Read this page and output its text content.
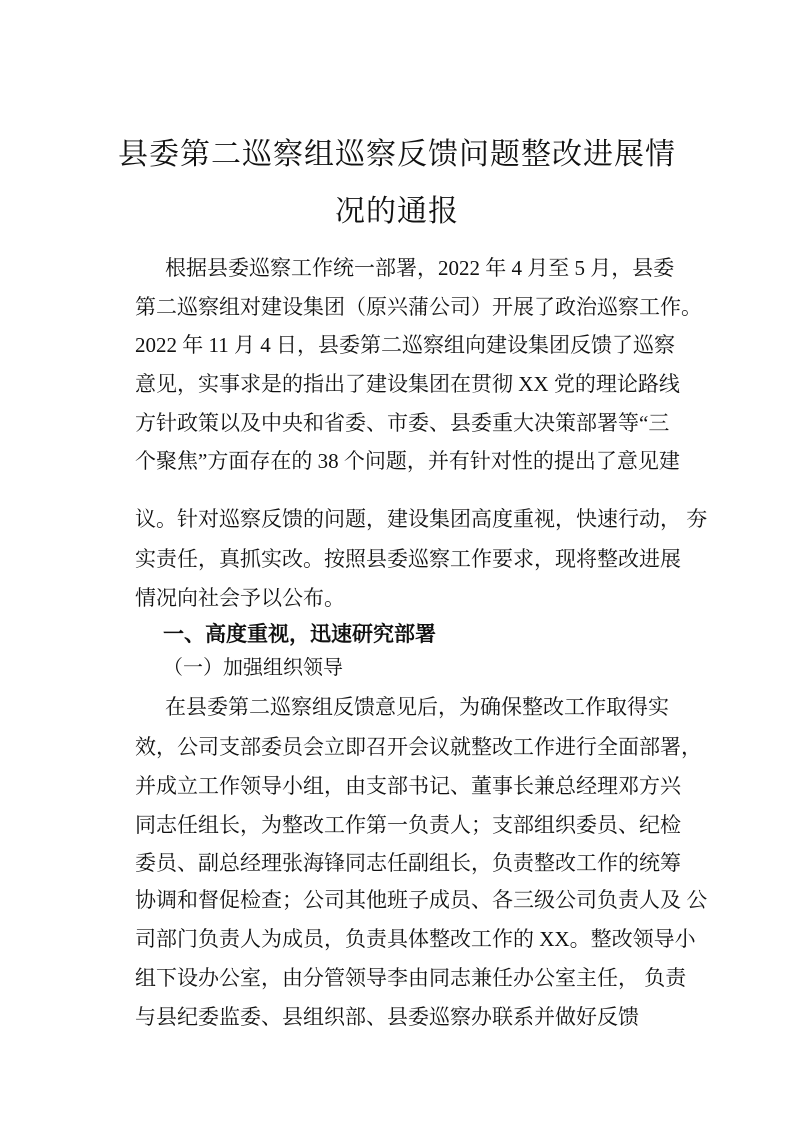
县委第二巡察组巡察反馈问题整改进展情
况的通报
根据县委巡察工作统一部署，2022 年 4 月至 5 月，县委
第二巡察组对建设集团（原兴蒲公司）开展了政治巡察工作。
2022 年 11 月 4 日，县委第二巡察组向建设集团反馈了巡察
意见，实事求是的指出了建设集团在贯彻 XX 党的理论路线
方针政策以及中央和省委、市委、县委重大决策部署等“三
个聚焦”方面存在的 38 个问题，并有针对性的提出了意见建
议。针对巡察反馈的问题，建设集团高度重视，快速行动， 夯
实责任，真抓实改。按照县委巡察工作要求，现将整改进展
情况向社会予以公布。
一、高度重视，迅速研究部署
（一）加强组织领导
在县委第二巡察组反馈意见后，为确保整改工作取得实
效，公司支部委员会立即召开会议就整改工作进行全面部署，
并成立工作领导小组，由支部书记、董事长兼总经理邓方兴
同志任组长，为整改工作第一负责人；支部组织委员、纪检
委员、副总经理张海锋同志任副组长，负责整改工作的统筹
协调和督促检查；公司其他班子成员、各三级公司负责人及 公
司部门负责人为成员，负责具体整改工作的 XX。整改领导小
组下设办公室，由分管领导李由同志兼任办公室主任， 负责
与县纪委监委、县组织部、县委巡察办联系并做好反馈
